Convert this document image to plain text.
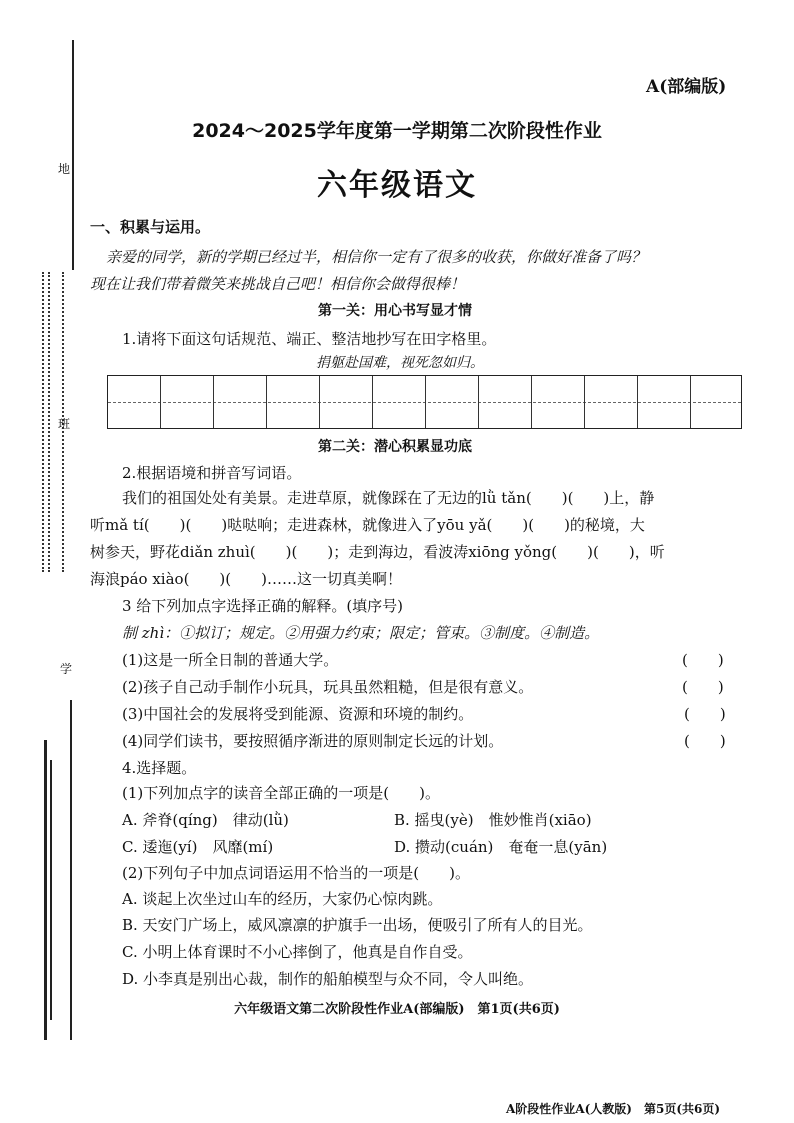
地
班
学
A(部编版)
2024～2025学年度第一学期第二次阶段性作业
六年级语文
一、积累与运用。
亲爱的同学，新的学期已经过半，相信你一定有了很多的收获，你做好准备了吗？
现在让我们带着微笑来挑战自己吧！相信你会做得很棒！
第一关：用心书写显才情
1.请将下面这句话规范、端正、整洁地抄写在田字格里。
捐躯赴国难，视死忽如归。
第二关：潜心积累显功底
2.根据语境和拼音写词语。
我们的祖国处处有美景。走进草原，就像踩在了无边的lǜ tǎn(　　)(　　)上，静
听mǎ tí(　　)(　　)哒哒响；走进森林，就像进入了yōu yǎ(　　)(　　)的秘境，大
树参天，野花diǎn zhuì(　　)(　　)；走到海边，看波涛xiōng yǒng(　　)(　　)，听
海浪páo xiào(　　)(　　)……这一切真美啊！
3 给下列加点字选择正确的解释。(填序号)
制 zhì：①拟订；规定。②用强力约束；限定；管束。③制度。④制造。
(1)这是一所全日制的普通大学。	(　　)
(2)孩子自己动手制作小玩具，玩具虽然粗糙，但是很有意义。	(　　)
(3)中国社会的发展将受到能源、资源和环境的制约。	(　　)
(4)同学们读书，要按照循序渐进的原则制定长远的计划。	(　　)
4.选择题。
(1)下列加点字的读音全部正确的一项是(　　)。
A. 斧脊(qíng)　律动(lǜ)	B. 摇曳(yè)　惟妙惟肖(xiāo)
C. 逶迤(yí)　风靡(mí)	D. 攒动(cuán)　奄奄一息(yān)
(2)下列句子中加点词语运用不恰当的一项是(　　)。
A. 谈起上次坐过山车的经历，大家仍心惊肉跳。
B. 天安门广场上，威风凛凛的护旗手一出场，便吸引了所有人的目光。
C. 小明上体育课时不小心摔倒了，他真是自作自受。
D. 小李真是别出心裁，制作的船舶模型与众不同，令人叫绝。
六年级语文第二次阶段性作业A(部编版)　第1页(共6页)
A阶段性作业A(人教版)　第5页(共6页)
